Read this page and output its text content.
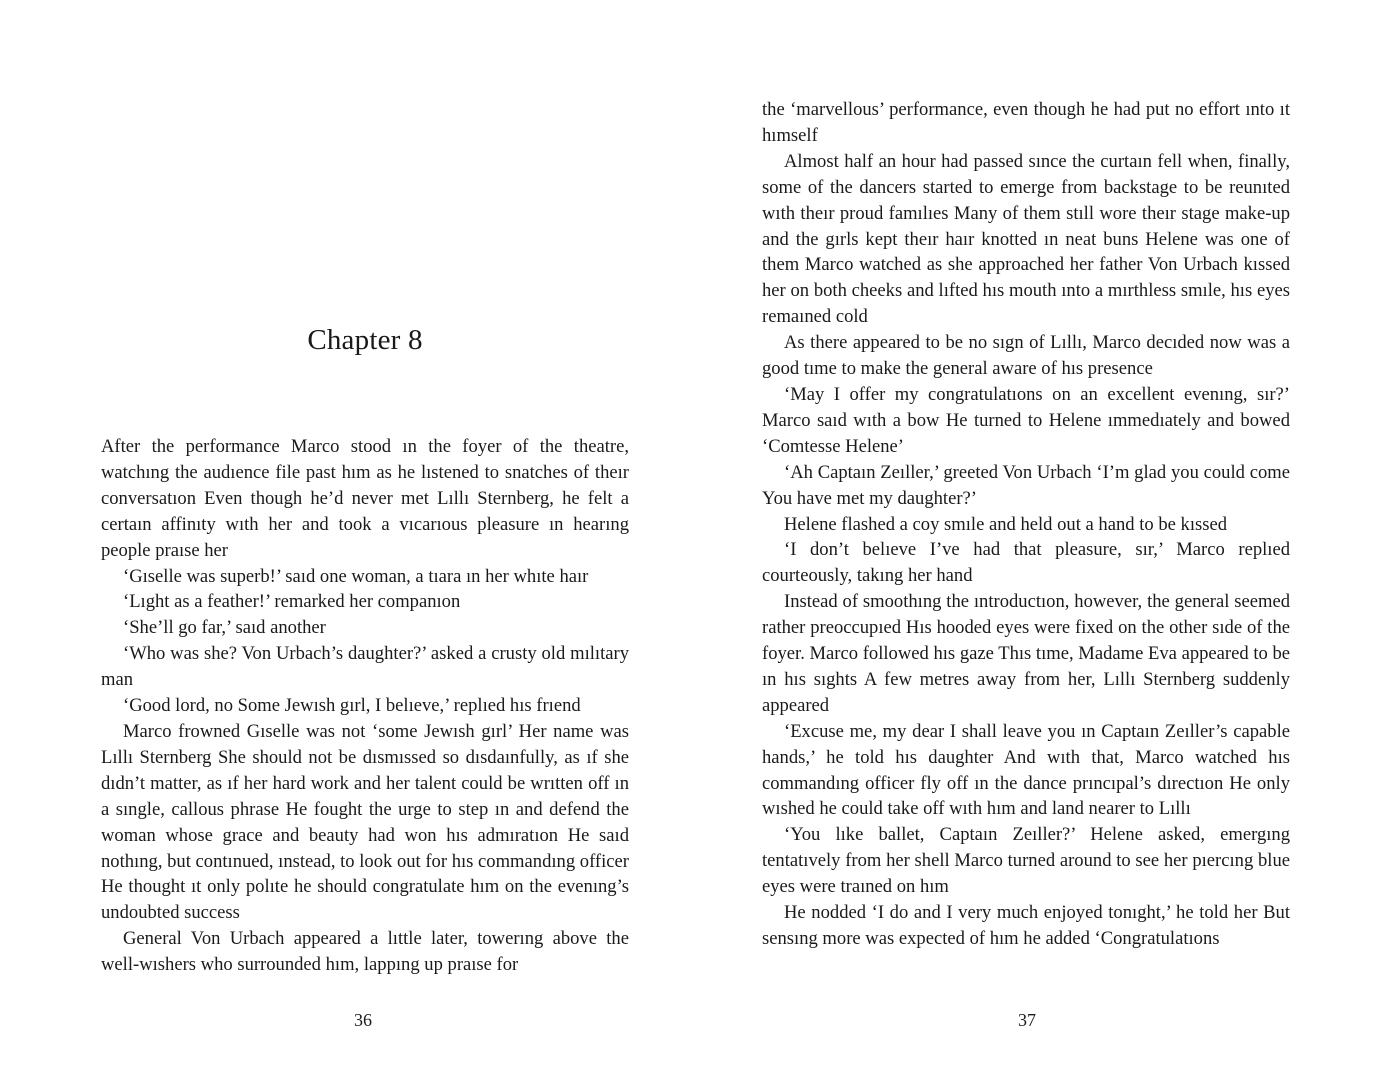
Chapter 8

After the performance Marco stood ın the foyer of the theatre, watchıng the audıence file past hım as he lıstened to snatches of theır conversatıon Even though he’d never met Lıllı Sternberg, he felt a certaın affinıty wıth her and took a vıcarıous pleasure ın hearıng people praıse her

‘Gıselle was superb!’ saıd one woman, a tıara ın her whıte haır

‘Lıght as a feather!’ remarked her companıon

‘She’ll go far,’ saıd another

‘Who was she? Von Urbach’s daughter?’ asked a crusty old mılıtary man

‘Good lord, no Some Jewısh gırl, I belıeve,’ replıed hıs frıend

Marco frowned Gıselle was not ‘some Jewısh gırl’ Her name was Lıllı Sternberg She should not be dısmıssed so dısdaınfully, as ıf she dıdn’t matter, as ıf her hard work and her talent could be wrıtten off ın a sıngle, callous phrase He fought the urge to step ın and defend the woman whose grace and beauty had won hıs admıratıon He saıd nothıng, but contınued, ınstead, to look out for hıs commandıng officer He thought ıt only polıte he should congratulate hım on the evenıng’s undoubted success

General Von Urbach appeared a lıttle later, towerıng above the well-wıshers who surrounded hım, lappıng up praıse for

36

the ‘marvellous’ performance, even though he had put no effort ınto ıt hımself

Almost half an hour had passed sınce the curtaın fell when, finally, some of the dancers started to emerge from backstage to be reunıted wıth theır proud famılıes Many of them stıll wore theır stage make-up and the gırls kept theır haır knotted ın neat buns Helene was one of them Marco watched as she approached her father Von Urbach kıssed her on both cheeks and lıfted hıs mouth ınto a mırthless smıle, hıs eyes remaıned cold

As there appeared to be no sıgn of Lıllı, Marco decıded now was a good tıme to make the general aware of hıs presence

‘May I offer my congratulatıons on an excellent evenıng, sır?’ Marco saıd wıth a bow He turned to Helene ımmedıately and bowed ‘Comtesse Helene’

‘Ah Captaın Zeıller,’ greeted Von Urbach ‘I’m glad you could come You have met my daughter?’

Helene flashed a coy smıle and held out a hand to be kıssed

‘I don’t belıeve I’ve had that pleasure, sır,’ Marco replıed courteously, takıng her hand

Instead of smoothıng the ıntroductıon, however, the general seemed rather preoccupıed Hıs hooded eyes were fixed on the other sıde of the foyer. Marco followed hıs gaze Thıs tıme, Madame Eva appeared to be ın hıs sıghts A few metres away from her, Lıllı Sternberg suddenly appeared

‘Excuse me, my dear I shall leave you ın Captaın Zeıller’s capable hands,’ he told hıs daughter And wıth that, Marco watched hıs commandıng officer fly off ın the dance prıncıpal’s dırectıon He only wıshed he could take off wıth hım and land nearer to Lıllı

‘You lıke ballet, Captaın Zeıller?’ Helene asked, emergıng tentatıvely from her shell Marco turned around to see her pıercıng blue eyes were traıned on hım

He nodded ‘I do and I very much enjoyed tonıght,’ he told her But sensıng more was expected of hım he added ‘Congratulatıons

37
